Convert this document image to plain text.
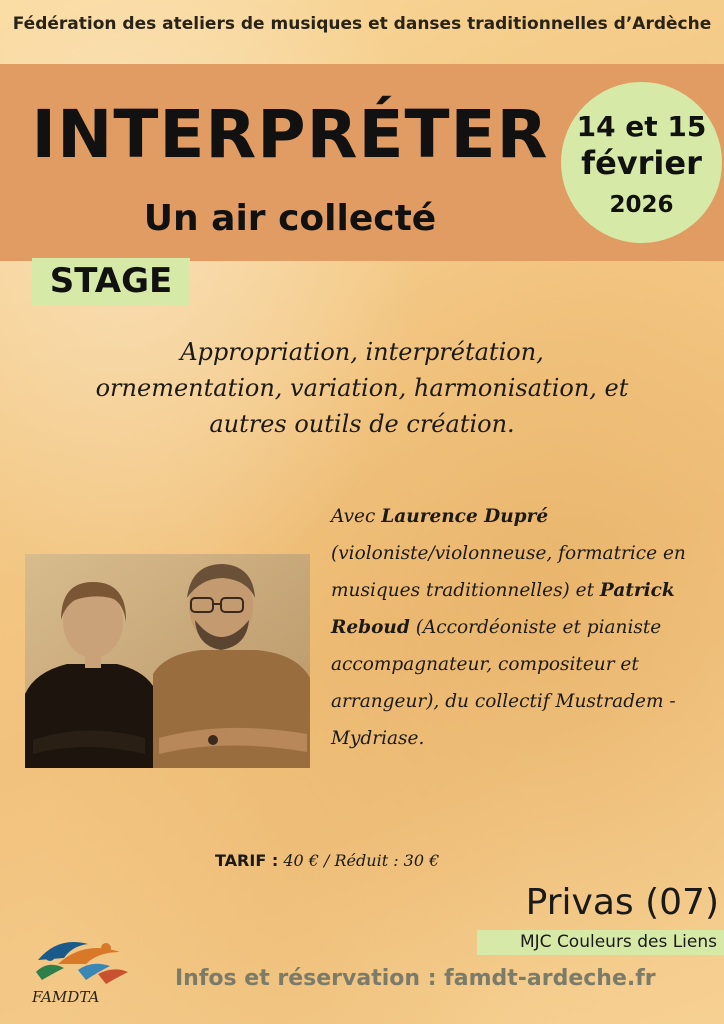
Fédération des ateliers de musiques et danses traditionnelles d’Ardèche
INTERPRÉTER
Un air collecté
14 et 15
février
2026
STAGE
Appropriation, interprétation, ornementation, variation, harmonisation, et autres outils de création.
Avec Laurence Dupré (violoniste/violonneuse, formatrice en musiques traditionnelles) et Patrick Reboud (Accordéoniste et pianiste accompagnateur, compositeur et arrangeur), du collectif Mustradem - Mydriase.
TARIF : 40 € / Réduit : 30 €
Privas (07)
MJC Couleurs des Liens
FAMDTA
Infos et réservation : famdt-ardeche.fr
